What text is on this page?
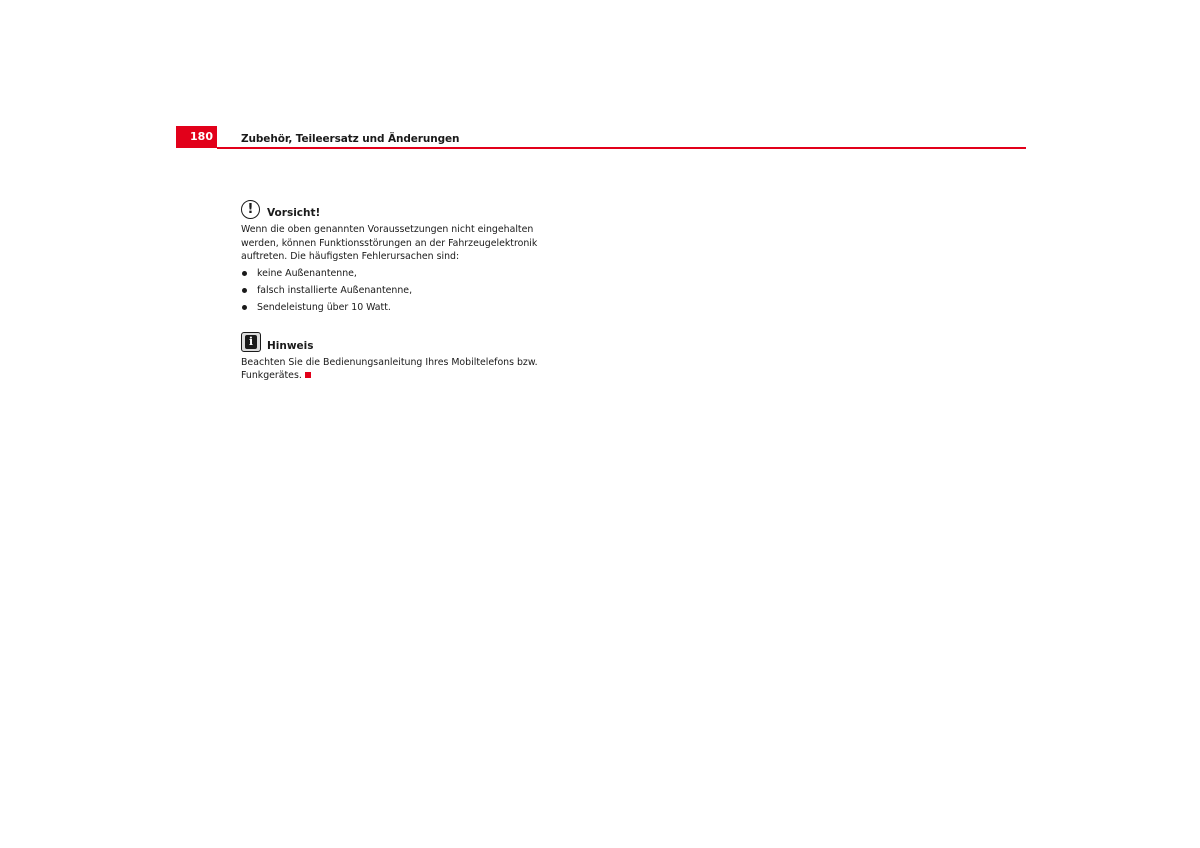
180	Zubehör, Teileersatz und Änderungen
!	Vorsicht!

Wenn die oben genannten Voraussetzungen nicht eingehalten werden, können Funktionsstörungen an der Fahrzeugelektronik auftreten. Die häufigsten Fehlerursachen sind:

keine Außenantenne,
falsch installierte Außenantenne,
Sendeleistung über 10 Watt.
i	Hinweis

Beachten Sie die Bedienungsanleitung Ihres Mobiltelefons bzw. Funkgerätes.
